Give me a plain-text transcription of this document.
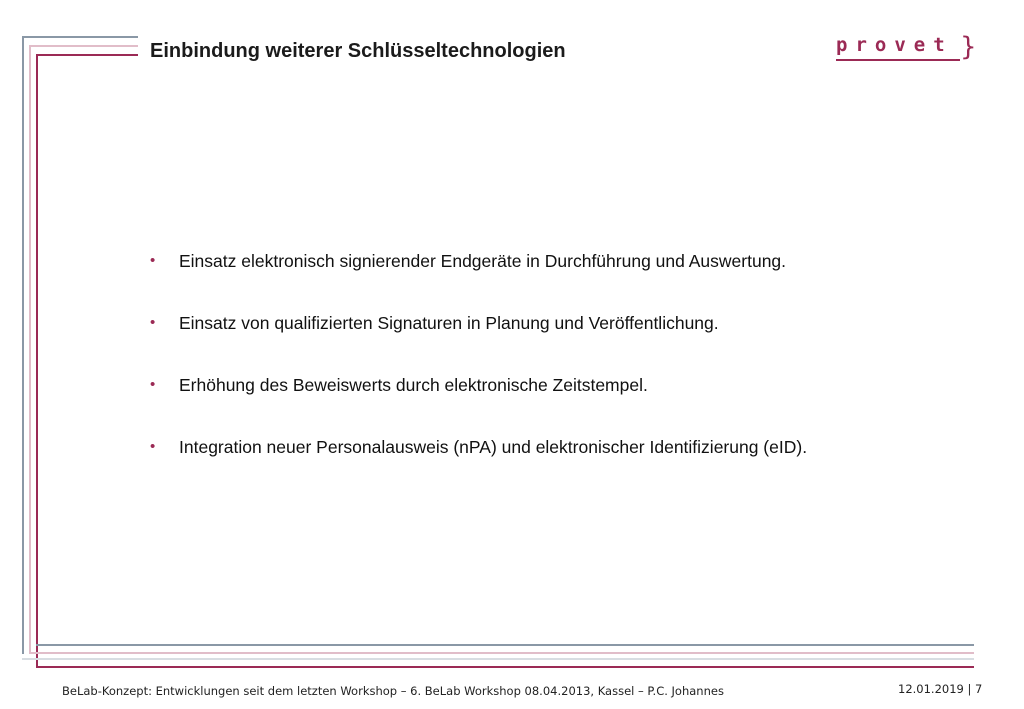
Einbindung weiterer Schlüsseltechnologien	provet }
• Einsatz elektronisch signierender Endgeräte in Durchführung und Auswertung.
• Einsatz von qualifizierten Signaturen in Planung und Veröffentlichung.
• Erhöhung des Beweiswerts durch elektronische Zeitstempel.
• Integration neuer Personalausweis (nPA) und elektronischer Identifizierung (eID).
BeLab-Konzept: Entwicklungen seit dem letzten Workshop – 6. BeLab Workshop 08.04.2013, Kassel – P.C. Johannes	12.01.2019 | 7
